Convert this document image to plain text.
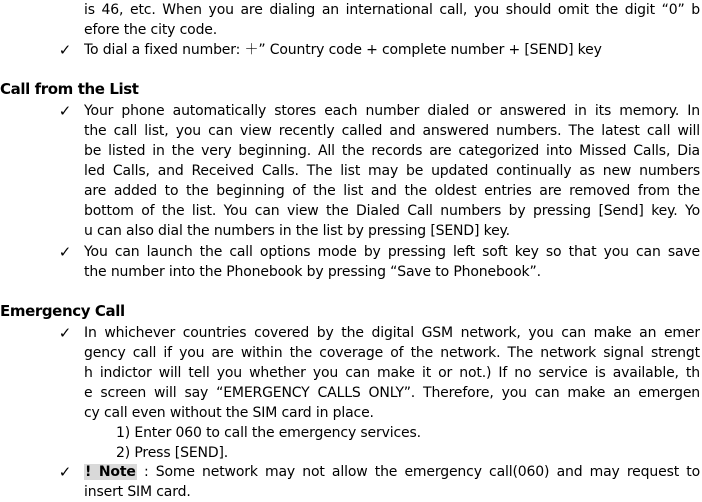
is 46, etc. When you are dialing an international call, you should omit the digit “0” b
efore the city code.
✓ To dial a fixed number: ＋” Country code + complete number + [SEND] key
Call from the List
✓ Your phone automatically stores each number dialed or answered in its memory. In
the call list, you can view recently called and answered numbers. The latest call will
be listed in the very beginning. All the records are categorized into Missed Calls, Dia
led Calls, and Received Calls. The list may be updated continually as new numbers
are added to the beginning of the list and the oldest entries are removed from the
bottom of the list. You can view the Dialed Call numbers by pressing [Send] key. Yo
u can also dial the numbers in the list by pressing [SEND] key.
✓ You can launch the call options mode by pressing left soft key so that you can save
the number into the Phonebook by pressing “Save to Phonebook”.
Emergency Call
✓ In whichever countries covered by the digital GSM network, you can make an emer
gency call if you are within the coverage of the network. The network signal strengt
h indictor will tell you whether you can make it or not.) If no service is available, th
e screen will say “EMERGENCY CALLS ONLY”. Therefore, you can make an emergen
cy call even without the SIM card in place.
1) Enter 060 to call the emergency services.
2) Press [SEND].
✓ ! Note : Some network may not allow the emergency call(060) and may request to
insert SIM card.
